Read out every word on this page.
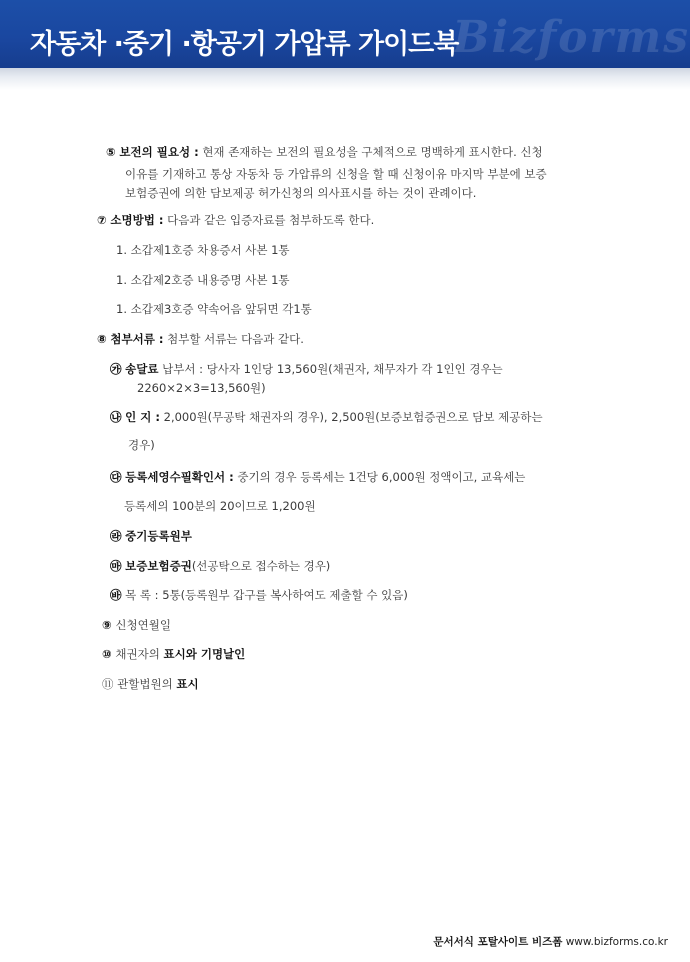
Bizforms
자동차 ·중기 ·항공기 가압류 가이드북
⑤ 보전의 필요성 : 현재 존재하는 보전의 필요성을 구체적으로 명백하게 표시한다. 신청
이유를 기재하고 통상 자동차 등 가압류의 신청을 할 때 신청이유 마지막 부분에 보증
보험증권에 의한 담보제공 허가신청의 의사표시를 하는 것이 관례이다.
⑦ 소명방법 : 다음과 같은 입증자료를 첨부하도록 한다.
1. 소갑제1호증 차용증서 사본 1통
1. 소갑제2호증 내용증명 사본 1통
1. 소갑제3호증 약속어음 앞뒤면 각1통
⑧ 첨부서류 : 첨부할 서류는 다음과 같다.
㉮ 송달료 납부서 : 당사자 1인당 13,560원(채권자, 채무자가 각 1인인 경우는
2260×2×3=13,560원)
㉯ 인 지 : 2,000원(무공탁 채권자의 경우), 2,500원(보증보험증권으로 담보 제공하는
경우)
㉰ 등록세영수필확인서 : 중기의 경우 등록세는 1건당 6,000원 정액이고, 교육세는
등록세의 100분의 20이므로 1,200원
㉱ 중기등록원부
㉲ 보증보험증권(선공탁으로 접수하는 경우)
㉳ 목 록 : 5통(등록원부 갑구를 복사하여도 제출할 수 있음)
⑨ 신청연월일
⑩ 채권자의 표시와 기명날인
⑪ 관할법원의 표시
문서서식 포탈사이트 비즈폼 www.bizforms.co.kr
